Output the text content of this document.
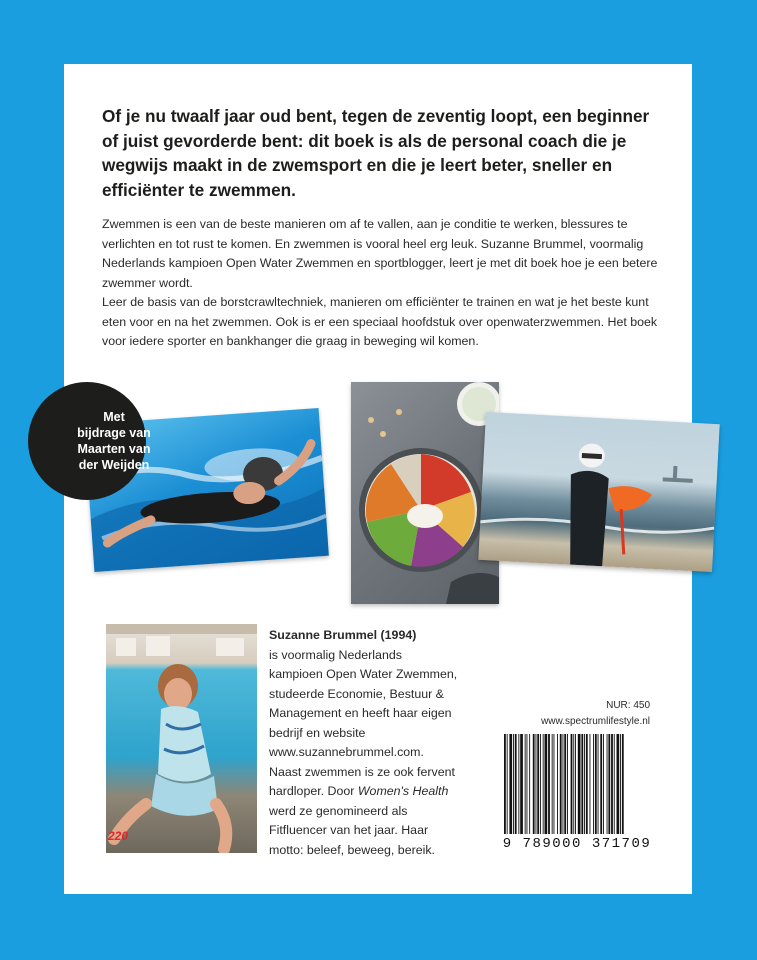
Of je nu twaalf jaar oud bent, tegen de zeventig loopt, een beginner of juist gevorderde bent: dit boek is als de personal coach die je wegwijs maakt in de zwemsport en die je leert beter, sneller en efficiënter te zwemmen.

Zwemmen is een van de beste manieren om af te vallen, aan je conditie te werken, blessures te verlichten en tot rust te komen. En zwemmen is vooral heel erg leuk. Suzanne Brummel, voormalig Nederlands kampioen Open Water Zwemmen en sportblogger, leert je met dit boek hoe je een betere zwemmer wordt.

Leer de basis van de borstcrawltechniek, manieren om efficiënter te trainen en wat je het beste kunt eten voor en na het zwemmen. Ook is er een speciaal hoofdstuk over openwaterzwemmen. Het boek voor iedere sporter en bankhanger die graag in beweging wil komen.

220
Met
bijdrage van
Maarten van
der Weijden

Suzanne Brummel (1994)

is voormalig Nederlands kampioen Open Water Zwemmen, studeerde Economie, Bestuur & Management en heeft haar eigen bedrijf en website www.suzannebrummel.com. Naast zwemmen is ze ook fervent hardloper. Door Women's Health werd ze genomineerd als Fitfluencer van het jaar. Haar motto: beleef, beweeg, bereik.

NUR: 450
www.spectrumlifestyle.nl
9 789000 371709
